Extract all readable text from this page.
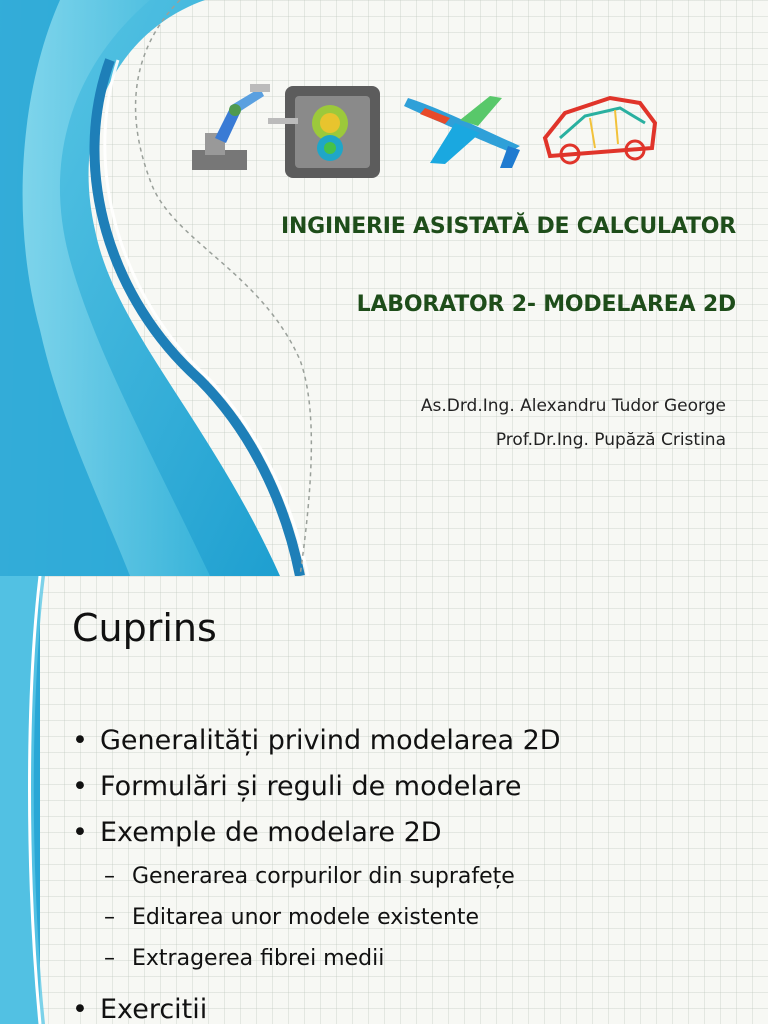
INGINERIE ASISTATĂ DE CALCULATOR
LABORATOR 2- MODELAREA 2D
As.Drd.Ing. Alexandru Tudor George
Prof.Dr.Ing. Pupăză Cristina
Cuprins
• Generalități privind modelarea 2D
• Formulări și reguli de modelare
• Exemple de modelare 2D
– Generarea corpurilor din suprafețe
– Editarea unor modele existente
– Extragerea fibrei medii
• Exercitii
